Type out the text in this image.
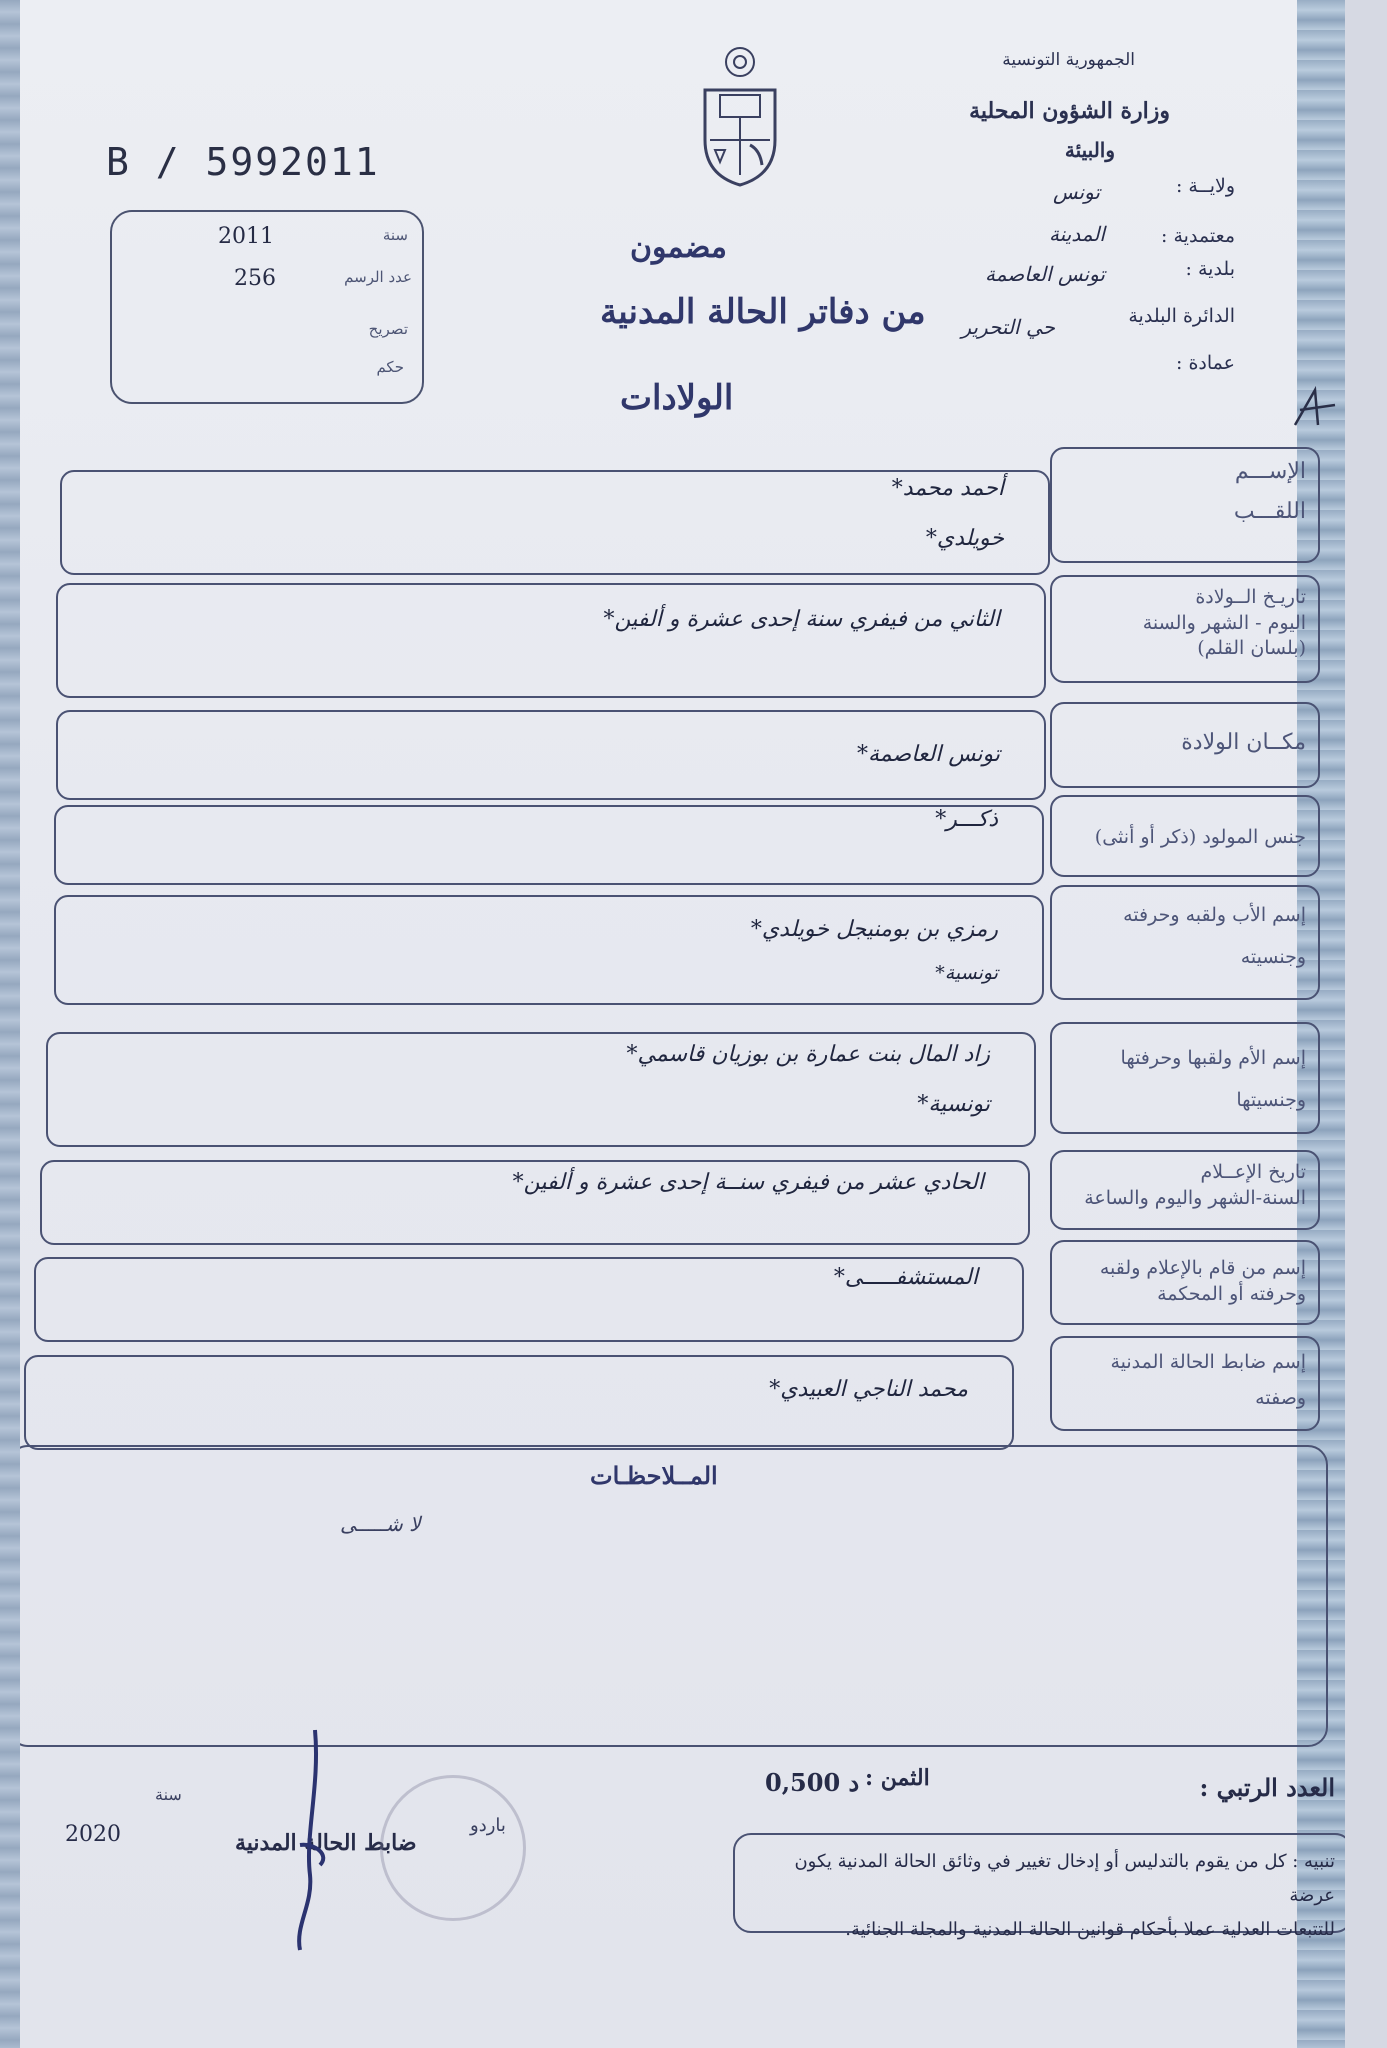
B / 5992011
الجمهورية التونسية
وزارة الشؤون المحلية
والبيئة
ولايــة :
تونس
معتمدية :
المدينة
بلدية :
تونس العاصمة
الدائرة البلدية
حي التحرير
عمادة :
سنة
2011
عدد الرسم
256
تصريح
حكم
مضمون
من دفاتر الحالة المدنية
الولادات
الإســـم
اللقـــب
أحمد محمد*
خويلدي*
تاريـخ الــولادة
اليوم - الشهر والسنة
(بلسان القلم)
الثاني من فيفري سنة إحدى عشرة و ألفين*
مكــان الولادة
تونس العاصمة*
جنس المولود (ذكر أو أنثى)
ذكـــر*
إسم الأب ولقبه وحرفته
وجنسيته
رمزي بن بومنيجل خويلدي*
تونسية*
إسم الأم ولقبها وحرفتها
وجنسيتها
زاد المال بنت عمارة بن بوزيان قاسمي*
تونسية*
تاريخ الإعــلام
السنة-الشهر واليوم والساعة
الحادي عشر من فيفري سنــة إحدى عشرة و ألفين*
إسم من قام بالإعلام ولقبه
وحرفته أو المحكمة
المستشفـــــى*
إسم ضابط الحالة المدنية
وصفته
محمد الناجي العبيدي*
المــلاحظـات
لا شـــــى
العدد الرتبي :
الثمن :
0,500 د
سنة
2020	باردو
ضابط الحالة المدنية
تنبيه : كل من يقوم بالتدليس أو إدخال تغيير في وثائق الحالة المدنية يكون عرضة
للتتبعات العدلية عملا بأحكام قوانين الحالة المدنية والمجلة الجنائية.
